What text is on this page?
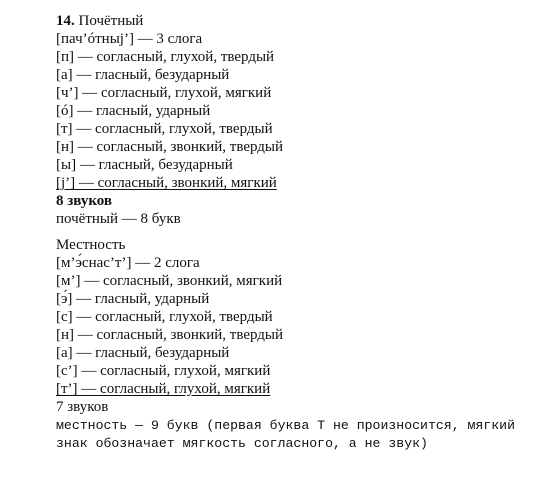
14. Почётный
[пач’óтныj’] — 3 слога
[п] — согласный, глухой, твердый
[а] — гласный, безударный
[ч’] — согласный, глухой, мягкий
[ó] — гласный, ударный
[т] — согласный, глухой, твердый
[н] — согласный, звонкий, твердый
[ы] — гласный, безударный
[j’] — согласный, звонкий, мягкий
8 звуков
почётный — 8 букв
Местность
[м’э́снас’т’] — 2 слога
[м’] — согласный, звонкий, мягкий
[э́] — гласный, ударный
[с] — согласный, глухой, твердый
[н] — согласный, звонкий, твердый
[а] — гласный, безударный
[с’] — согласный, глухой, мягкий
[т’] — согласный, глухой, мягкий
7 звуков
местность — 9 букв (первая буква Т не произносится, мягкий знак обозначает мягкость согласного, а не звук)
